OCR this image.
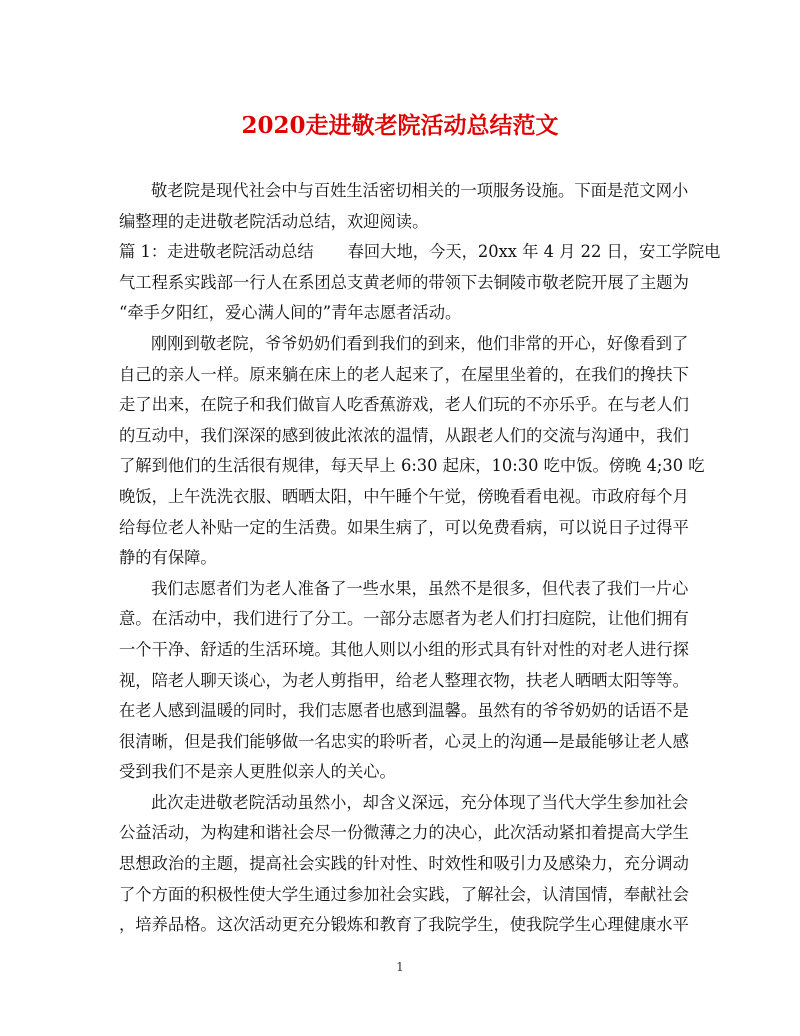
2020走进敬老院活动总结范文
敬老院是现代社会中与百姓生活密切相关的一项服务设施。下面是范文网小
编整理的走进敬老院活动总结，欢迎阅读。
篇 1：走进敬老院活动总结 春回大地，今天，20xx 年 4 月 22 日，安工学院电
气工程系实践部一行人在系团总支黄老师的带领下去铜陵市敬老院开展了主题为
“牵手夕阳红，爱心满人间的”青年志愿者活动。
刚刚到敬老院，爷爷奶奶们看到我们的到来，他们非常的开心，好像看到了
自己的亲人一样。原来躺在床上的老人起来了，在屋里坐着的，在我们的搀扶下
走了出来，在院子和我们做盲人吃香蕉游戏，老人们玩的不亦乐乎。在与老人们
的互动中，我们深深的感到彼此浓浓的温情，从跟老人们的交流与沟通中，我们
了解到他们的生活很有规律，每天早上 6:30 起床，10:30 吃中饭。傍晚 4;30 吃
晚饭，上午洗洗衣服、晒晒太阳，中午睡个午觉，傍晚看看电视。市政府每个月
给每位老人补贴一定的生活费。如果生病了，可以免费看病，可以说日子过得平
静的有保障。
我们志愿者们为老人准备了一些水果，虽然不是很多，但代表了我们一片心
意。在活动中，我们进行了分工。一部分志愿者为老人们打扫庭院，让他们拥有
一个干净、舒适的生活环境。其他人则以小组的形式具有针对性的对老人进行探
视，陪老人聊天谈心，为老人剪指甲，给老人整理衣物，扶老人晒晒太阳等等。
在老人感到温暖的同时，我们志愿者也感到温馨。虽然有的爷爷奶奶的话语不是
很清晰，但是我们能够做一名忠实的聆听者，心灵上的沟通—是最能够让老人感
受到我们不是亲人更胜似亲人的关心。
此次走进敬老院活动虽然小，却含义深远，充分体现了当代大学生参加社会
公益活动，为构建和谐社会尽一份微薄之力的决心，此次活动紧扣着提高大学生
思想政治的主题，提高社会实践的针对性、时效性和吸引力及感染力，充分调动
了个方面的积极性使大学生通过参加社会实践，了解社会，认清国情，奉献社会
，培养品格。这次活动更充分锻炼和教育了我院学生，使我院学生心理健康水平
1
